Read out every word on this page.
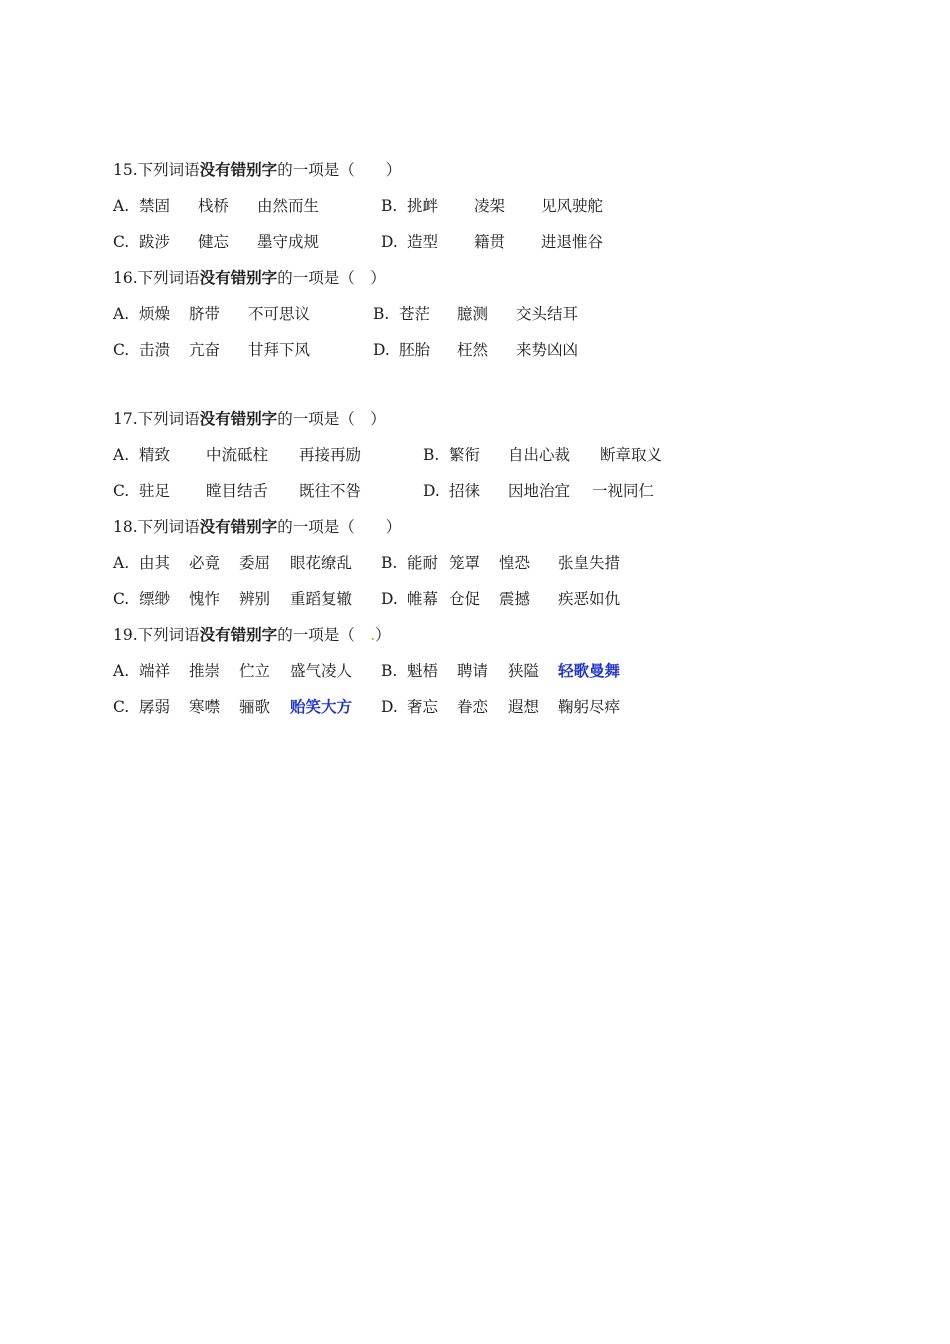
15.下列词语没有错别字的一项是（　　 ）
A. 禁固 栈桥 由然而生	B. 挑衅 凌架 见风驶舵
C. 跋涉 健忘 墨守成规	D. 造型 籍贯 进退惟谷
16.下列词语没有错别字的一项是（　 ）
A. 烦燥 脐带 不可思议	B. 苍茫 臆测 交头结耳
C. 击溃 亢奋 甘拜下风	D. 胚胎 枉然 来势凶凶
17.下列词语没有错别字的一项是（　 ）
A. 精致 中流砥柱 再接再励	B. 繁衔 自出心裁 断章取义
C. 驻足 瞠目结舌 既往不咎	D. 招徕 因地治宜 一视同仁
18.下列词语没有错别字的一项是（　　 ）
A. 由其 必竟 委屈 眼花缭乱 B. 能耐 笼罩 惶恐 张皇失措
C. 缥缈 愧怍 辨别 重蹈复辙 D. 帷幕 仓促 震撼 疾恶如仇
19.下列词语没有错别字的一项是（　 .）
A. 端祥 推崇 伫立 盛气凌人 B. 魁梧 聘请 狭隘 轻歌曼舞
C. 孱弱 寒噤 骊歌 贻笑大方 D. 奢忘 眷恋 遐想 鞠躬尽瘁
